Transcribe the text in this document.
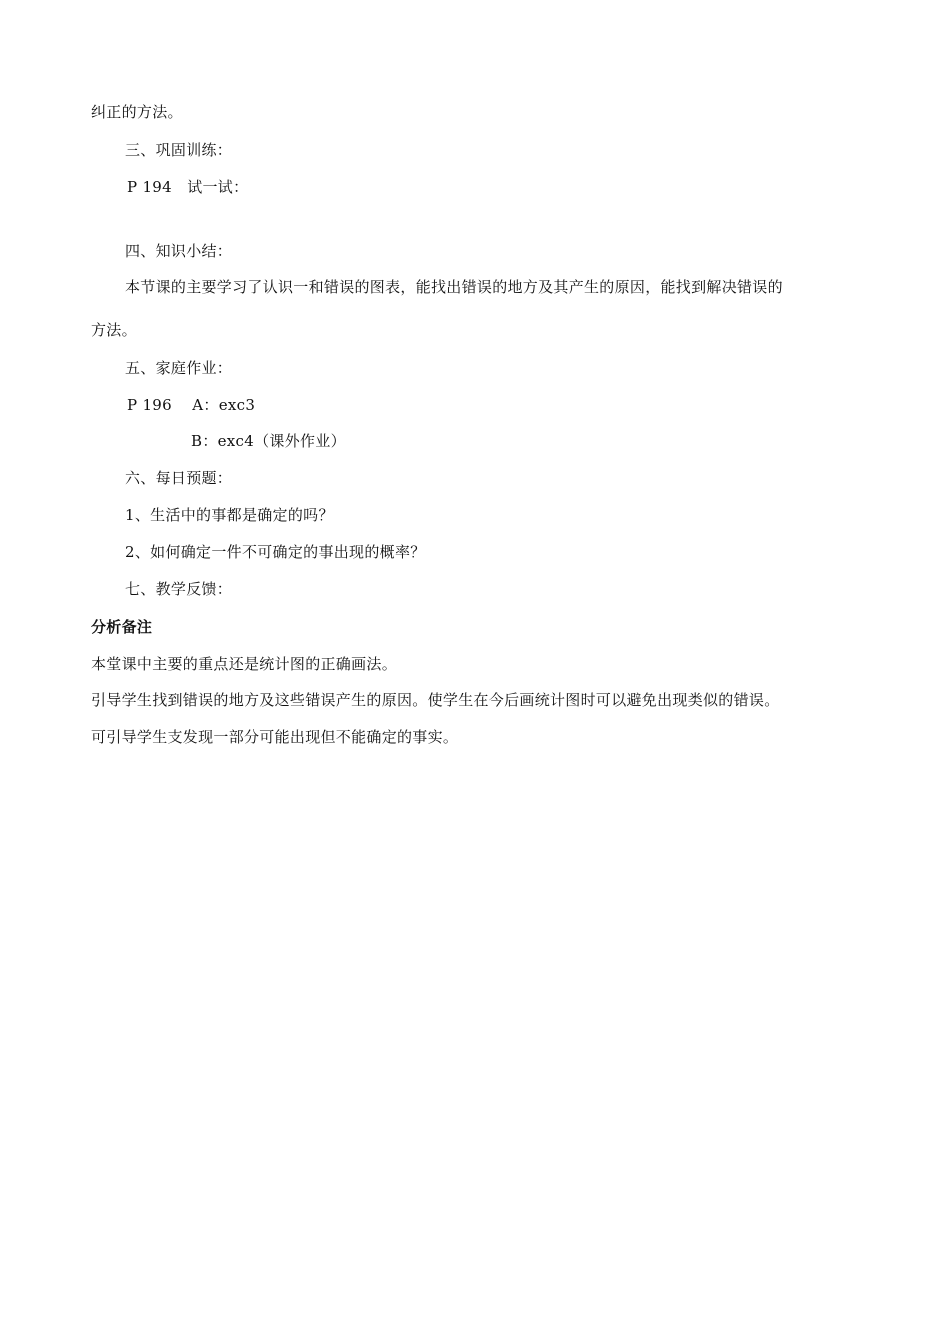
纠正的方法。
三、巩固训练：
P 194   试一试：
四、知识小结：
本节课的主要学习了认识一和错误的图表，能找出错误的地方及其产生的原因，能找到解决错误的
方法。
五、家庭作业：
P 196    A：exc3
B：exc4（课外作业）
六、每日预题：
1、生活中的事都是确定的吗？
2、如何确定一件不可确定的事出现的概率？
七、教学反馈：
分析备注
本堂课中主要的重点还是统计图的正确画法。
引导学生找到错误的地方及这些错误产生的原因。使学生在今后画统计图时可以避免出现类似的错误。
可引导学生支发现一部分可能出现但不能确定的事实。
